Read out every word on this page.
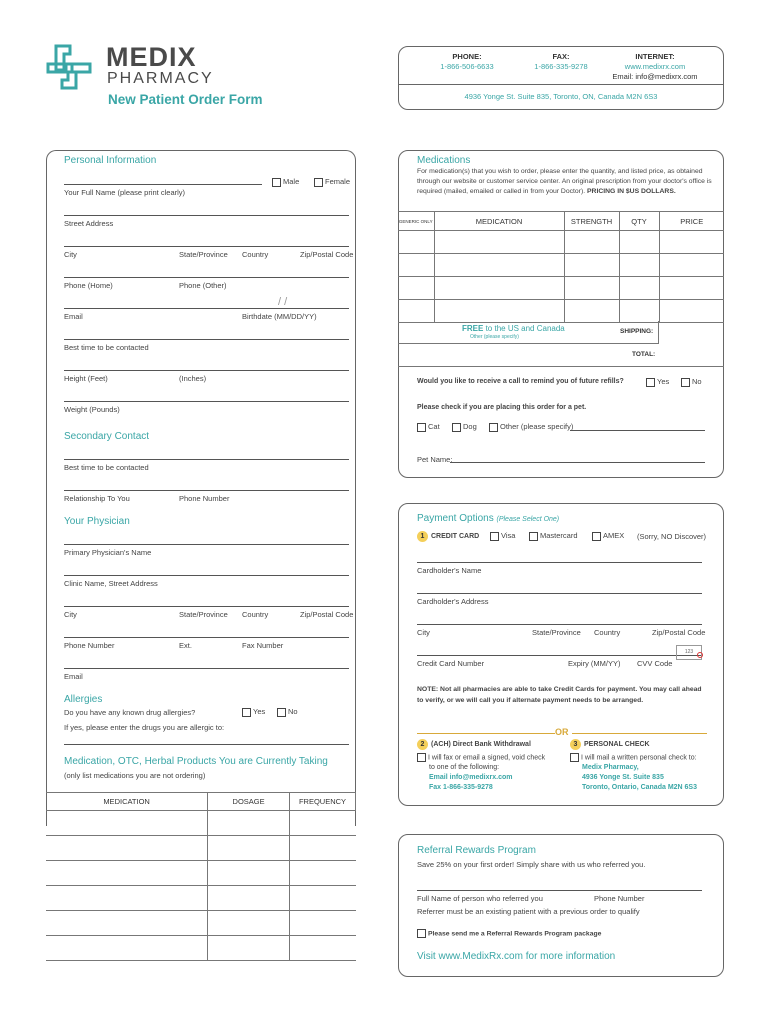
MEDIX
PHARMACY
New Patient Order Form
PHONE:
1-866-506-6633
FAX:
1-866-335-9278
INTERNET:
www.medixrx.com
Email: info@medixrx.com
4936 Yonge St. Suite 835, Toronto, ON, Canada M2N 6S3
Personal Information
Male	Female
Your Full Name (please print clearly)
Street Address
City	State/Province Country	Zip/Postal Code
Phone (Home)	Phone (Other)
/ /
Email	Birthdate (MM/DD/YY)
Best time to be contacted
Height (Feet)	(Inches)
Weight (Pounds)
Secondary Contact
Best time to be contacted
Relationship To You	Phone Number
Your Physician
Primary Physician's Name
Clinic Name, Street Address
City	State/Province Country	Zip/Postal Code
Phone Number	Ext.	Fax Number
Email
Allergies
Do you have any known drug allergies?	Yes	No
If yes, please enter the drugs you are allergic to:
Medication, OTC, Herbal Products You are Currently Taking
(only list medications you are not ordering)
MEDICATION	DOSAGE	FREQUENCY

Medications
For medication(s) that you wish to order, please enter the quantity, and listed price, as obtained
through our website or customer service center. An original prescription from your doctor's office is
required (mailed, emailed or called in from your Doctor). PRICING IN $US DOLLARS.
GENERIC ONLY	MEDICATION	STRENGTH	QTY	PRICE

FREE to the US and Canada
Other (please specify)
SHIPPING:
TOTAL:
Would you like to receive a call to remind you of future refills?	Yes	No
Please check if you are placing this order for a pet.
Cat	Dog	Other (please specify)
Pet Name:
Payment Options (Please Select One)
1 CREDIT CARD	Visa	Mastercard	AMEX (Sorry, NO Discover)
Cardholder's Name
Cardholder's Address
City	State/Province Country	Zip/Postal Code
123
Credit Card Number	Expiry (MM/YY) CVV Code
NOTE: Not all pharmacies are able to take Credit Cards for payment. You may call ahead to verify, or we will call you if alternate payment needs to be arranged.
OR
2 (ACH) Direct Bank Withdrawal	3 PERSONAL CHECK
I will fax or email a signed, void check
to one of the following:
Email info@medixrx.com
Fax 1-866-335-9278
I will mail a written personal check to:
Medix Pharmacy,
4936 Yonge St. Suite 835
Toronto, Ontario, Canada M2N 6S3
Referral Rewards Program
Save 25% on your first order! Simply share with us who referred you.
Full Name of person who referred you	Phone Number
Referrer must be an existing patient with a previous order to qualify
Please send me a Referral Rewards Program package
Visit www.MedixRx.com for more information
